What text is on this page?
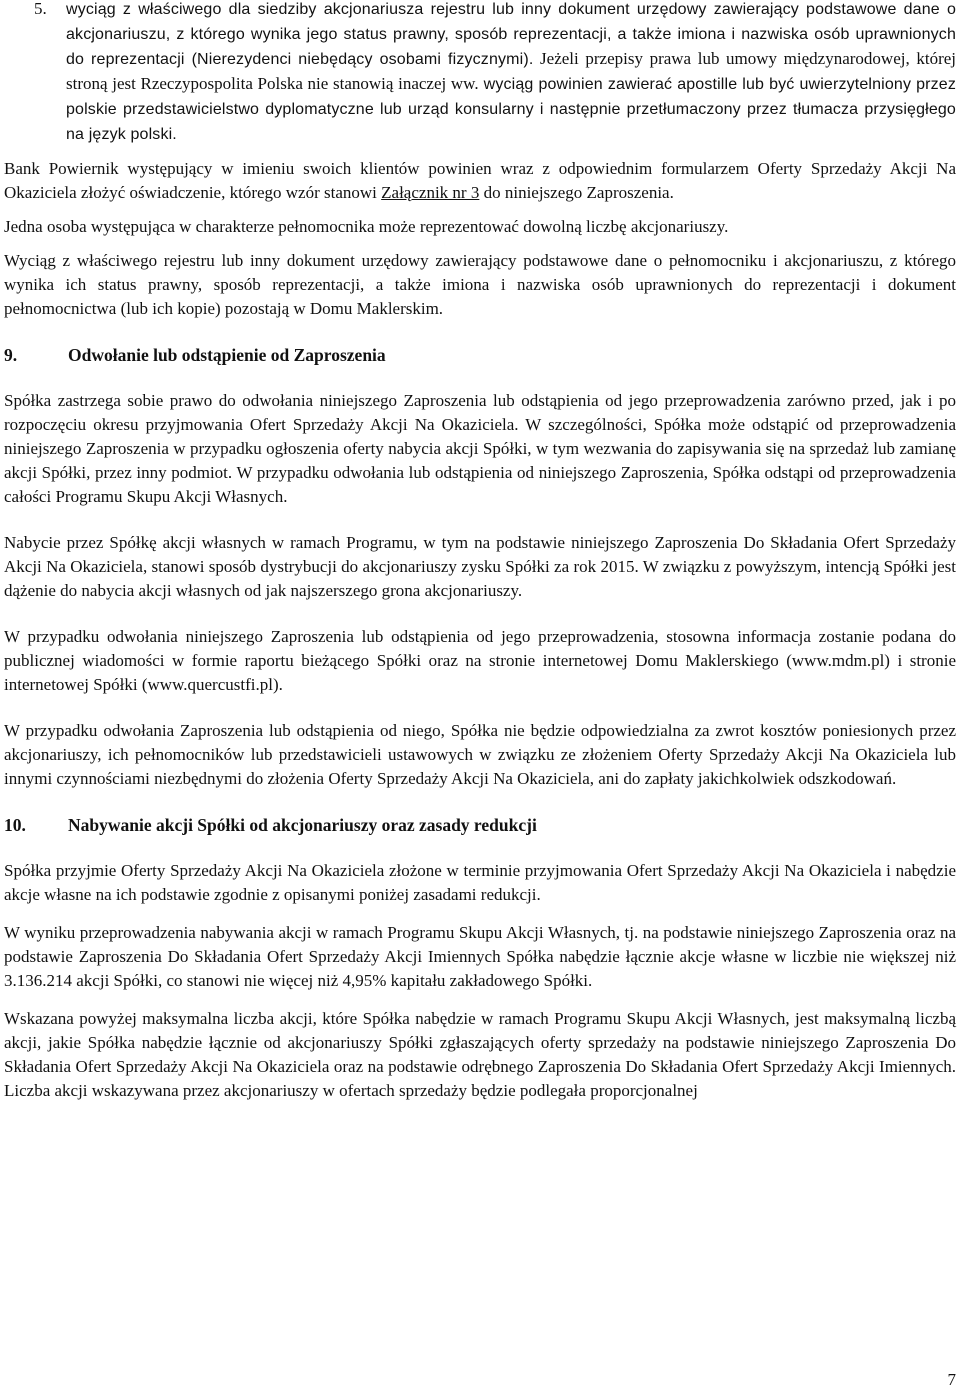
5. wyciąg z właściwego dla siedziby akcjonariusza rejestru lub inny dokument urzędowy zawierający podstawowe dane o akcjonariuszu, z którego wynika jego status prawny, sposób reprezentacji, a także imiona i nazwiska osób uprawnionych do reprezentacji (Nierezydenci niebędący osobami fizycznymi). Jeżeli przepisy prawa lub umowy międzynarodowej, której stroną jest Rzeczypospolita Polska nie stanowią inaczej ww. wyciąg powinien zawierać apostille lub być uwierzytelniony przez polskie przedstawicielstwo dyplomatyczne lub urząd konsularny i następnie przetłumaczony przez tłumacza przysięgłego na język polski.

Bank Powiernik występujący w imieniu swoich klientów powinien wraz z odpowiednim formularzem Oferty Sprzedaży Akcji Na Okaziciela złożyć oświadczenie, którego wzór stanowi Załącznik nr 3 do niniejszego Zaproszenia.

Jedna osoba występująca w charakterze pełnomocnika może reprezentować dowolną liczbę akcjonariuszy.

Wyciąg z właściwego rejestru lub inny dokument urzędowy zawierający podstawowe dane o pełnomocniku i akcjonariuszu, z którego wynika ich status prawny, sposób reprezentacji, a także imiona i nazwiska osób uprawnionych do reprezentacji i dokument pełnomocnictwa (lub ich kopie) pozostają w Domu Maklerskim.

9.	Odwołanie lub odstąpienie od Zaproszenia

Spółka zastrzega sobie prawo do odwołania niniejszego Zaproszenia lub odstąpienia od jego przeprowadzenia zarówno przed, jak i po rozpoczęciu okresu przyjmowania Ofert Sprzedaży Akcji Na Okaziciela. W szczególności, Spółka może odstąpić od przeprowadzenia niniejszego Zaproszenia w przypadku ogłoszenia oferty nabycia akcji Spółki, w tym wezwania do zapisywania się na sprzedaż lub zamianę akcji Spółki, przez inny podmiot. W przypadku odwołania lub odstąpienia od niniejszego Zaproszenia, Spółka odstąpi od przeprowadzenia całości Programu Skupu Akcji Własnych.

Nabycie przez Spółkę akcji własnych w ramach Programu, w tym na podstawie niniejszego Zaproszenia Do Składania Ofert Sprzedaży Akcji Na Okaziciela, stanowi sposób dystrybucji do akcjonariuszy zysku Spółki za rok 2015. W związku z powyższym, intencją Spółki jest dążenie do nabycia akcji własnych od jak najszerszego grona akcjonariuszy.

W przypadku odwołania niniejszego Zaproszenia lub odstąpienia od jego przeprowadzenia, stosowna informacja zostanie podana do publicznej wiadomości w formie raportu bieżącego Spółki oraz na stronie internetowej Domu Maklerskiego (www.mdm.pl) i stronie internetowej Spółki (www.quercustfi.pl).

W przypadku odwołania Zaproszenia lub odstąpienia od niego, Spółka nie będzie odpowiedzialna za zwrot kosztów poniesionych przez akcjonariuszy, ich pełnomocników lub przedstawicieli ustawowych w związku ze złożeniem Oferty Sprzedaży Akcji Na Okaziciela lub innymi czynnościami niezbędnymi do złożenia Oferty Sprzedaży Akcji Na Okaziciela, ani do zapłaty jakichkolwiek odszkodowań.

10. Nabywanie akcji Spółki od akcjonariuszy oraz zasady redukcji

Spółka przyjmie Oferty Sprzedaży Akcji Na Okaziciela złożone w terminie przyjmowania Ofert Sprzedaży Akcji Na Okaziciela i nabędzie akcje własne na ich podstawie zgodnie z opisanymi poniżej zasadami redukcji.

W wyniku przeprowadzenia nabywania akcji w ramach Programu Skupu Akcji Własnych, tj. na podstawie niniejszego Zaproszenia oraz na podstawie Zaproszenia Do Składania Ofert Sprzedaży Akcji Imiennych Spółka nabędzie łącznie akcje własne w liczbie nie większej niż 3.136.214 akcji Spółki, co stanowi nie więcej niż 4,95% kapitału zakładowego Spółki.

Wskazana powyżej maksymalna liczba akcji, które Spółka nabędzie w ramach Programu Skupu Akcji Własnych, jest maksymalną liczbą akcji, jakie Spółka nabędzie łącznie od akcjonariuszy Spółki zgłaszających oferty sprzedaży na podstawie niniejszego Zaproszenia Do Składania Ofert Sprzedaży Akcji Na Okaziciela oraz na podstawie odrębnego Zaproszenia Do Składania Ofert Sprzedaży Akcji Imiennych. Liczba akcji wskazywana przez akcjonariuszy w ofertach sprzedaży będzie podlegała proporcjonalnej

7
